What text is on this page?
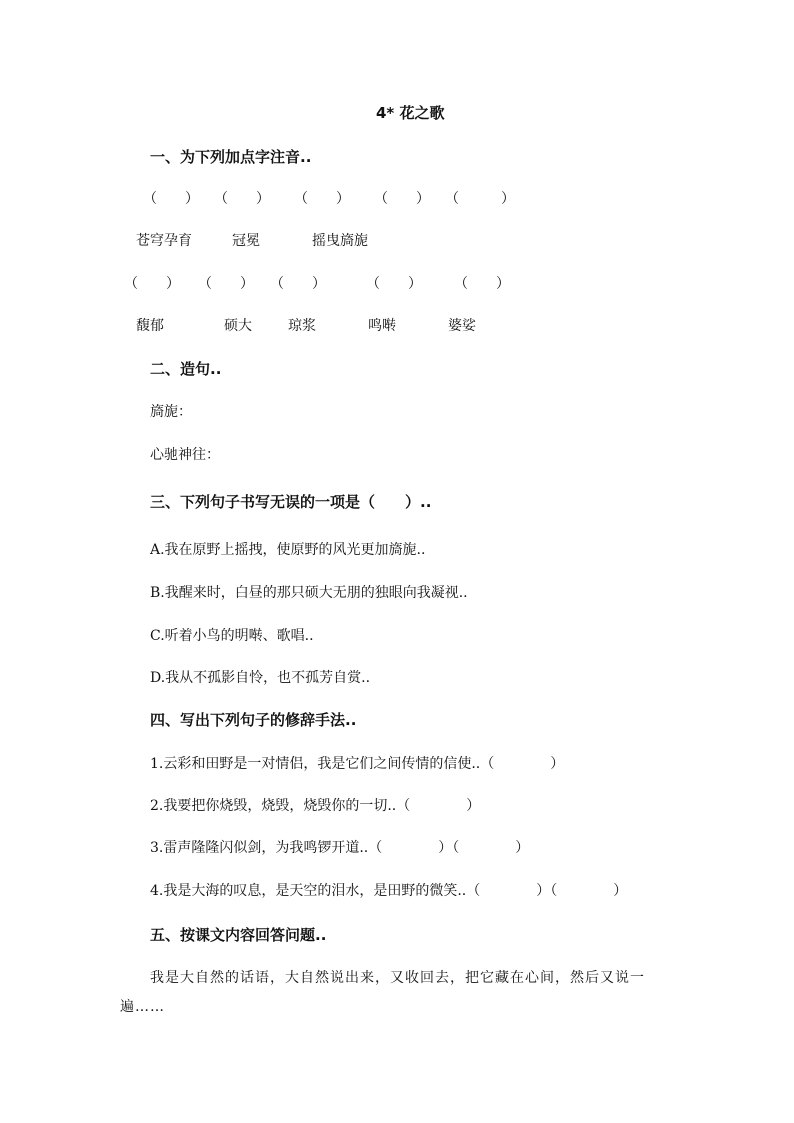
4* 花之歌
一、为下列加点字注音..
（　　） （　　） （　　） （　　） （　　　）
苍穹孕育	冠冕	摇曳旖旎
（　　） （　　） （　　）	（　　） （　　）
馥郁	硕大	琼浆	鸣啭	婆娑
二、造句..
旖旎：
心驰神往：
三、下列句子书写无误的一项是（　　）..
A.我在原野上摇拽，使原野的风光更加旖旎..
B.我醒来时，白昼的那只硕大无朋的独眼向我凝视..
C.听着小鸟的明啭、歌唱..
D.我从不孤影自怜，也不孤芳自赏..
四、写出下列句子的修辞手法..
1.云彩和田野是一对情侣，我是它们之间传情的信使..（　　　　）
2.我要把你烧毁，烧毁，烧毁你的一切..（　　　　）
3.雷声隆隆闪似剑，为我鸣锣开道..（　　　　）（　　　　）
4.我是大海的叹息，是天空的泪水，是田野的微笑..（　　　　）（　　　　）
五、按课文内容回答问题..
我是大自然的话语，大自然说出来，又收回去，把它藏在心间，然后又说一
遍……
